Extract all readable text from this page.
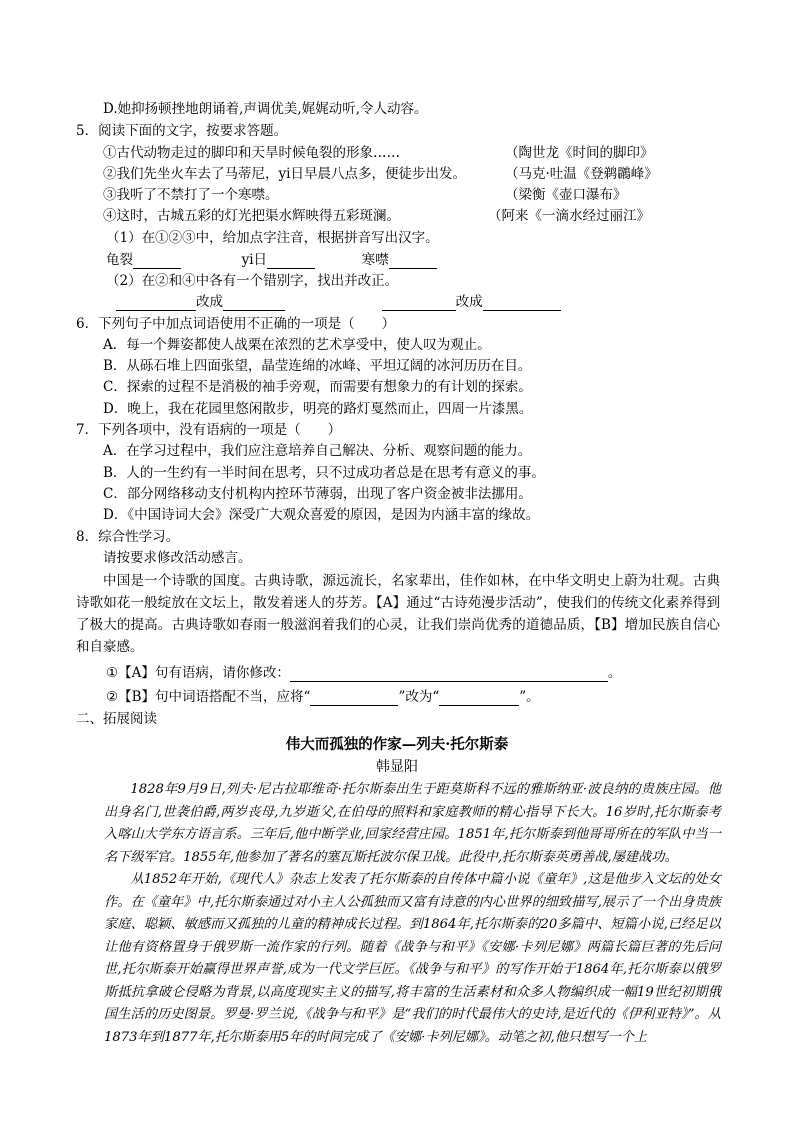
D.她抑扬顿挫地朗诵着,声调优美,娓娓动听,令人动容。
5．阅读下面的文字，按要求答题。
①古代动物走过的脚印和天旱时候龟裂的形象……	（陶世龙《时间的脚印》
②我们先坐火车去了马蒂尼，yi日早晨八点多，便徒步出发。	（马克·吐温《登鹈鸊峰》
③我听了不禁打了一个寒噤。	（梁衡《壶口瀑布》
④这时，古城五彩的灯光把渠水辉映得五彩斑澜。	（阿来《一滴水经过丽江》
（1）在①②③中，给加点字注音，根据拼音写出汉字。
龟裂	yi日	寒噤
（2）在②和④中各有一个错别字，找出并改正。
改成	改成
6．下列句子中加点词语使用不正确的一项是（　　）
A．每一个舞姿都使人战栗在浓烈的艺术享受中，使人叹为观止。
B．从砾石堆上四面张望，晶莹连绵的冰峰、平坦辽阔的冰河历历在目。
C．探索的过程不是消极的袖手旁观，而需要有想象力的有计划的探索。
D．晚上，我在花园里悠闲散步，明亮的路灯戛然而止，四周一片漆黑。
7．下列各项中，没有语病的一项是（　　）
A．在学习过程中，我们应注意培养自己解决、分析、观察问题的能力。
B．人的一生约有一半时间在思考，只不过成功者总是在思考有意义的事。
C．部分网络移动支付机构内控环节薄弱，出现了客户资金被非法挪用。
D．《中国诗词大会》深受广大观众喜爱的原因，是因为内涵丰富的缘故。
8．综合性学习。
请按要求修改活动感言。
中国是一个诗歌的国度。古典诗歌，源远流长，名家辈出，佳作如林，在中华文明史上蔚为壮观。古典诗歌如花一般绽放在文坛上，散发着迷人的芬芳。【A】通过“古诗苑漫步活动”，使我们的传统文化素养得到了极大的提高。古典诗歌如春雨一般滋润着我们的心灵，让我们崇尚优秀的道德品质，【B】增加民族自信心和自豪感。
①【A】句有语病，请你修改：	。
②【B】句中词语搭配不当，应将“	”改为“	”。
二、拓展阅读
伟大而孤独的作家—列夫·托尔斯泰
韩显阳

1828年9月9日,列夫·尼古拉耶维奇·托尔斯泰出生于距莫斯科不远的雅斯纳亚·波良纳的贵族庄园。他出身名门,世袭伯爵,两岁丧母,九岁逝父,在伯母的照料和家庭教师的精心指导下长大。16岁时,托尔斯泰考入喀山大学东方语言系。三年后,他中断学业,回家经营庄园。1851年,托尔斯泰到他哥哥所在的军队中当一名下级军官。1855年,他参加了著名的塞瓦斯托波尔保卫战。此役中,托尔斯泰英勇善战,屡建战功。

从1852年开始,《现代人》杂志上发表了托尔斯泰的自传体中篇小说《童年》,这是他步入文坛的处女作。在《童年》中,托尔斯泰通过对小主人公孤独而又富有诗意的内心世界的细致描写,展示了一个出身贵族家庭、聪颖、敏感而又孤独的儿童的精神成长过程。到1864年,托尔斯泰的20多篇中、短篇小说,已经足以让他有资格置身于俄罗斯一流作家的行列。随着《战争与和平》《安娜·卡列尼娜》两篇长篇巨著的先后问世,托尔斯泰开始赢得世界声誉,成为一代文学巨匠。《战争与和平》的写作开始于1864年,托尔斯泰以俄罗斯抵抗拿破仑侵略为背景,以高度现实主义的描写,将丰富的生活素材和众多人物编织成一幅19世纪初期俄国生活的历史图景。罗曼·罗兰说,《战争与和平》是“我们的时代最伟大的史诗,是近代的《伊利亚特》”。从1873年到1877年,托尔斯泰用5年的时间完成了《安娜·卡列尼娜》。动笔之初,他只想写一个上
